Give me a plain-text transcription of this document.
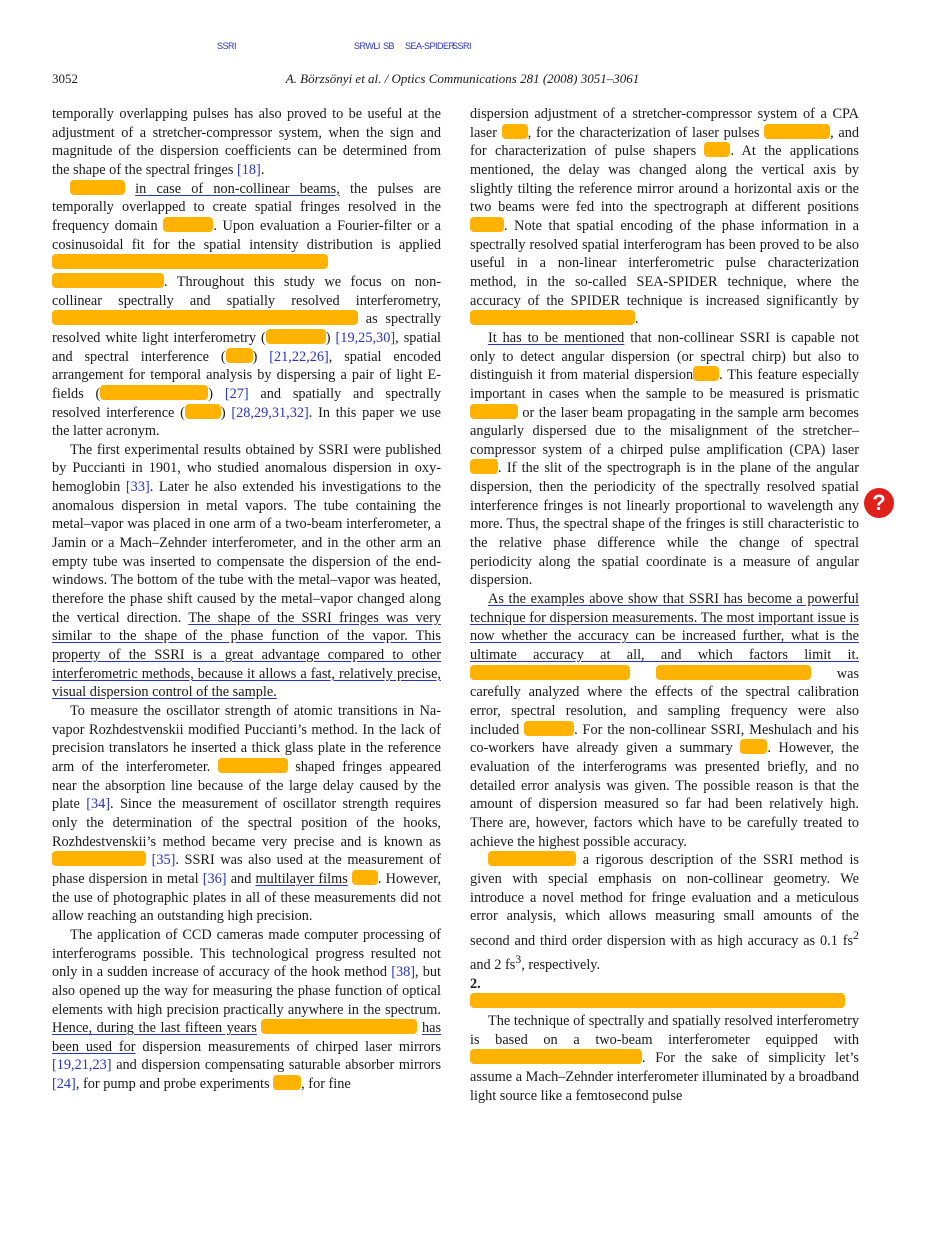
SSRI	SRWLI SB SEA-SPIDER
SSRI
3052	A. Börzsönyi et al. / Optics Communications 281 (2008) 3051–3061

temporally overlapping pulses has also proved to be useful at the adjustment of a stretcher-compressor system, when the sign and magnitude of the dispersion coefficients can be determined from the shape of the spectral fringes [18].

in case of non-collinear beams, the pulses are temporally overlapped to create spatial fringes resolved in the frequency domain	. Upon evaluation a Fourier-filter or a cosinusoidal fit for the spatial intensity distribution is applied  . Throughout this study we focus on non-collinear spectrally and spatially resolved interferometry,  as spectrally resolved white light interferometry (	) [19,25,30], spatial and spectral interference ( ) [21,22,26], spatial encoded arrangement for temporal analysis by dispersing a pair of light E-fields (	) [27] and spatially and spectrally resolved interference (	) [28,29,31,32]. In this paper we use the latter acronym.

The first experimental results obtained by SSRI were published by Puccianti in 1901, who studied anomalous dispersion in oxy-hemoglobin [33]. Later he also extended his investigations to the anomalous dispersion in metal vapors. The tube containing the metal–vapor was placed in one arm of a two-beam interferometer, a Jamin or a Mach–Zehnder interferometer, and in the other arm an empty tube was inserted to compensate the dispersion of the end-windows. The bottom of the tube with the metal–vapor was heated, therefore the phase shift caused by the metal–vapor changed along the vertical direction. The shape of the SSRI fringes was very similar to the shape of the phase function of the vapor. This property of the SSRI is a great advantage compared to other interferometric methods, because it allows a fast, relatively precise, visual dispersion control of the sample.

To measure the oscillator strength of atomic transitions in Na-vapor Rozhdestvenskii modified Puccianti’s method. In the lack of precision translators he inserted a thick glass plate in the reference arm of the interferometer.	shaped fringes appeared near the absorption line because of the large delay caused by the plate [34]. Since the measurement of oscillator strength requires only the determination of the spectral position of the hooks, Rozhdestvenskii’s method became very precise and is known as  [35]. SSRI was also used at the measurement of phase dispersion in metal [36] and multilayer films . However, the use of photographic plates in all of these measurements did not allow reaching an outstanding high precision.

The application of CCD cameras made computer processing of interferograms possible. This technological progress resulted not only in a sudden increase of accuracy of the hook method [38], but also opened up the way for measuring the phase function of optical elements with high precision practically anywhere in the spectrum. Hence, during the last fifteen years	has been used for dispersion measurements of chirped laser mirrors [19,21,23] and dispersion compensating saturable absorber mirrors [24], for pump and probe experiments , for fine

dispersion adjustment of a stretcher-compressor system of a CPA laser , for the characterization of laser pulses	, and for characterization of pulse shapers . At the applications mentioned, the delay was changed along the vertical axis by slightly tilting the reference mirror around a horizontal axis or the two beams were fed into the spectrograph at different positions. Note that spatial encoding of the phase information in a spectrally resolved spatial interferogram has been proved to be also useful in a non-linear interferometric pulse characterization method, in the so-called SEA-SPIDER technique, where the accuracy of the SPIDER technique is increased significantly by .

It has to be mentioned that non-collinear SSRI is capable not only to detect angular dispersion (or spectral chirp) but also to distinguish it from material dispersion . This feature especially important in cases when the sample to be measured is prismatic  or the laser beam propagating in the sample arm becomes angularly dispersed due to the misalignment of the stretcher–compressor system of a chirped pulse amplification (CPA) laser. If the slit of the spectrograph is in the plane of the angular dispersion, then the periodicity of the spectrally resolved spatial interference fringes is not linearly proportional to wavelength any more. Thus, the spectral shape of the fringes is still characteristic to the relative phase difference while the change of spectral periodicity along the spatial coordinate is a measure of angular dispersion.

As the examples above show that SSRI has become a powerful technique for dispersion measurements. The most important issue is now whether the accuracy can be increased further, what is the ultimate accuracy at all, and which factors limit it.   was carefully analyzed where the effects of the spectral calibration error, spectral resolution, and sampling frequency were also included	. For the non-collinear SSRI, Meshulach and his co-workers have already given a summary . However, the evaluation of the interferograms was presented briefly, and no detailed error analysis was given. The possible reason is that the amount of dispersion measured so far had been relatively high. There are, however, factors which have to be carefully treated to achieve the highest possible accuracy.

a rigorous description of the SSRI method is given with special emphasis on non-collinear geometry. We introduce a novel method for fringe evaluation and a meticulous error analysis, which allows measuring small amounts of the second and third order dispersion with as high accuracy as 0.1 $fs^2$ and 2 $fs^3$, respectively.

2.

The technique of spectrally and spatially resolved interferometry is based on a two-beam interferometer equipped with . For the sake of simplicity let’s assume a Mach–Zehnder interferometer illuminated by a broadband light source like a femtosecond pulse

?
